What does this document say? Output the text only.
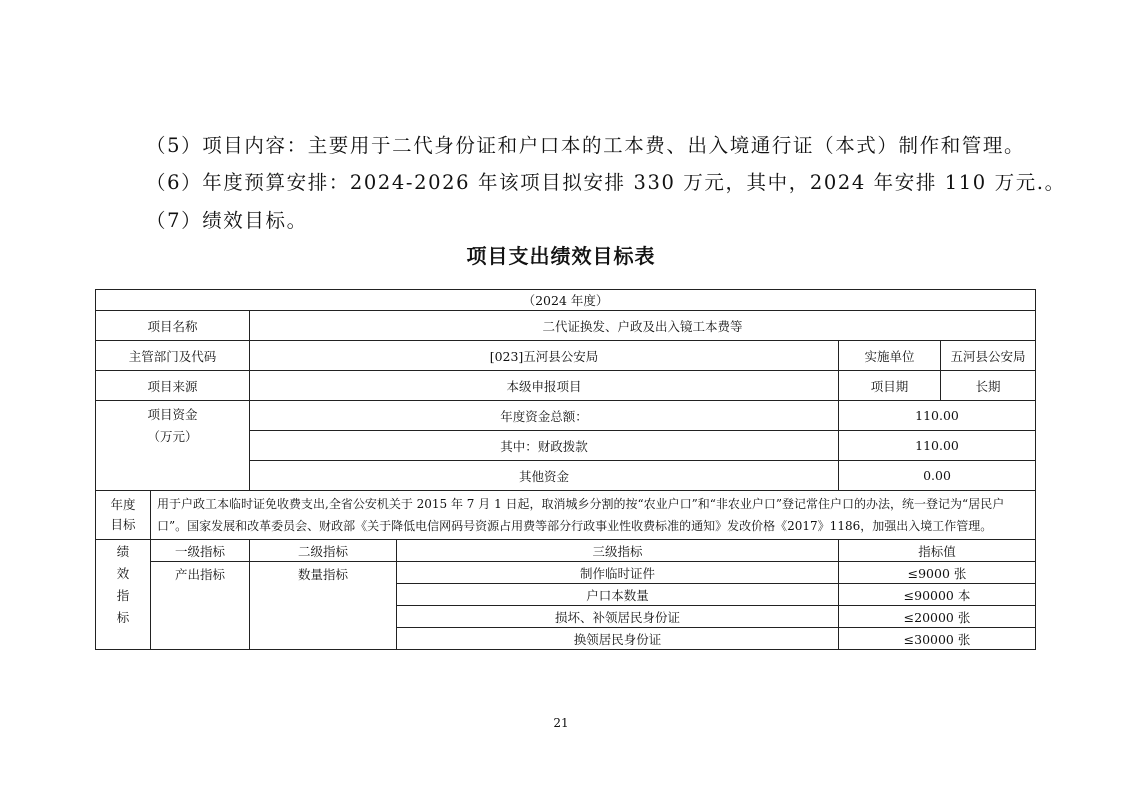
（5）项目内容：主要用于二代身份证和户口本的工本费、出入境通行证（本式）制作和管理。
（6）年度预算安排：2024-2026 年该项目拟安排 330 万元，其中，2024 年安排 110 万元.。
（7）绩效目标。
项目支出绩效目标表
（2024 年度）					
项目名称		二代证换发、户政及出入镜工本费等			
主管部门及代码		[023]五河县公安局		实施单位	五河县公安局
项目来源		本级申报项目		项目期	长期

项目资金
（万元）		年度资金总额：		110.00	
		其中：财政拨款		110.00	
		其他资金		0.00	

年度
目标	用于户政工本临时证免收费支出,全省公安机关于 2015 年 7 月 1 日起，取消城乡分割的按“农业户口”和“非农业户口”登记常住户口的办法，统一登记为“居民户口”。国家发展和改革委员会、财政部《关于降低电信网码号资源占用费等部分行政事业性收费标准的通知》发改价格《2017》1186，加强出入境工作管理。				

绩
效
指
标	一级指标	二级指标	三级指标	指标值	
	产出指标	数量指标	制作临时证件	≤9000 张	
			户口本数量	≤90000 本	
			损坏、补领居民身份证	≤20000 张	
			换领居民身份证	≤30000 张	
21
